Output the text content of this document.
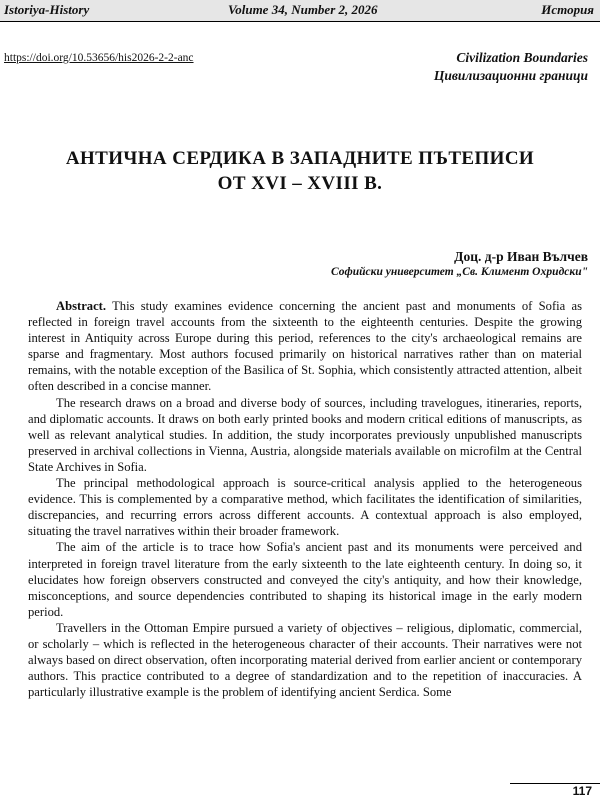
Istoriya-History	Volume 34, Number 2, 2026	История
https://doi.org/10.53656/his2026-2-2-anc	Civilization Boundaries
Цивилизационни граници
АНТИЧНА СЕРДИКА В ЗАПАДНИТЕ ПЪТЕПИСИ
ОТ XVI – XVIII В.
Доц. д-р Иван Вълчев
Софийски университет „Св. Климент Охридски"

Abstract. This study examines evidence concerning the ancient past and monuments of Sofia as reflected in foreign travel accounts from the sixteenth to the eighteenth centuries. Despite the growing interest in Antiquity across Europe during this period, references to the city's archaeological remains are sparse and fragmentary. Most authors focused primarily on historical narratives rather than on material remains, with the notable exception of the Basilica of St. Sophia, which consistently attracted attention, albeit often described in a concise manner.

The research draws on a broad and diverse body of sources, including travelogues, itineraries, reports, and diplomatic accounts. It draws on both early printed books and modern critical editions of manuscripts, as well as relevant analytical studies. In addition, the study incorporates previously unpublished manuscripts preserved in archival collections in Vienna, Austria, alongside materials available on microfilm at the Central State Archives in Sofia.

The principal methodological approach is source-critical analysis applied to the heterogeneous evidence. This is complemented by a comparative method, which facilitates the identification of similarities, discrepancies, and recurring errors across different accounts. A contextual approach is also employed, situating the travel narratives within their broader framework.

The aim of the article is to trace how Sofia's ancient past and its monuments were perceived and interpreted in foreign travel literature from the early sixteenth to the late eighteenth century. In doing so, it elucidates how foreign observers constructed and conveyed the city's antiquity, and how their knowledge, misconceptions, and source dependencies contributed to shaping its historical image in the early modern period.

Travellers in the Ottoman Empire pursued a variety of objectives – religious, diplomatic, commercial, or scholarly – which is reflected in the heterogeneous character of their accounts. Their narratives were not always based on direct observation, often incorporating material derived from earlier ancient or contemporary authors. This practice contributed to a degree of standardization and to the repetition of inaccuracies. A particularly illustrative example is the problem of identifying ancient Serdica. Some

117
